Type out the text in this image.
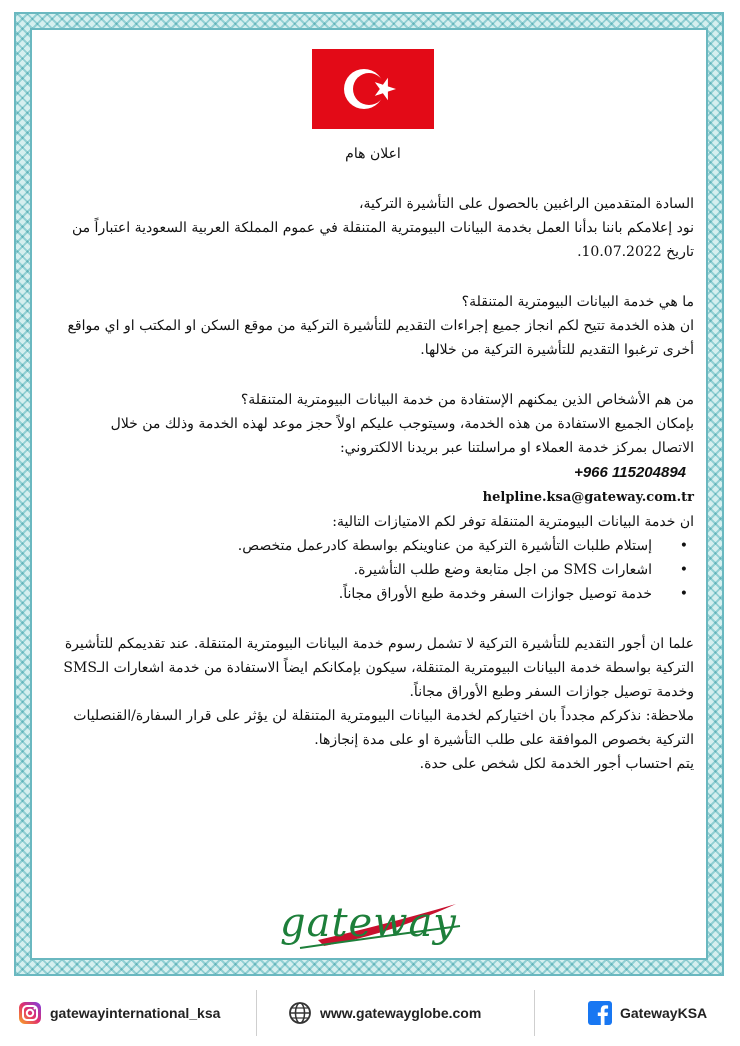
اعلان هام

السادة المتقدمين الراغبين بالحصول على التأشيرة التركية،

نود إعلامكم باننا بدأنا العمل بخدمة البيانات البيومترية المتنقلة في عموم المملكة العربية السعودية اعتباراً من

تاريخ 10.07.2022.

ما هي خدمة البيانات البيومترية المتنقلة؟

ان هذه الخدمة تتيح لكم انجاز جميع إجراءات التقديم للتأشيرة التركية من موقع السكن او المكتب او اي مواقع

أخرى ترغبوا التقديم للتأشيرة التركية من خلالها.

من هم الأشخاص الذين يمكنهم الإستفادة من خدمة البيانات البيومترية المتنقلة؟

بإمكان الجميع الاستفادة من هذه الخدمة، وسيتوجب عليكم اولاً حجز موعد لهذه الخدمة وذلك من خلال

الاتصال بمركز خدمة العملاء او مراسلتنا عبر بريدنا الالكتروني:

+966 115204894

helpline.ksa@gateway.com.tr

ان خدمة البيانات البيومترية المتنقلة توفر لكم الامتيازات التالية:

• إستلام طلبات التأشيرة التركية من عناوينكم بواسطة كادرعمل متخصص.
• اشعارات SMS من اجل متابعة وضع طلب التأشيرة.
• خدمة توصيل جوازات السفر وخدمة طبع الأوراق مجاناً.

علما ان أجور التقديم للتأشيرة التركية لا تشمل رسوم خدمة البيانات البيومترية المتنقلة. عند تقديمكم للتأشيرة

التركية بواسطة خدمة البيانات البيومترية المتنقلة، سيكون بإمكانكم ايضاً الاستفادة من خدمة اشعارات الـSMS

وخدمة توصيل جوازات السفر وطبع الأوراق مجاناً.

ملاحظة: نذكركم مجدداً بان اختياركم لخدمة البيانات البيومترية المتنقلة لن يؤثر على قرار السفارة/القنصليات

التركية بخصوص الموافقة على طلب التأشيرة او على مدة إنجازها.

يتم احتساب أجور الخدمة لكل شخص على حدة.

gateway
gatewayinternational_ksa	www.gatewayglobe.com	GatewayKSA
